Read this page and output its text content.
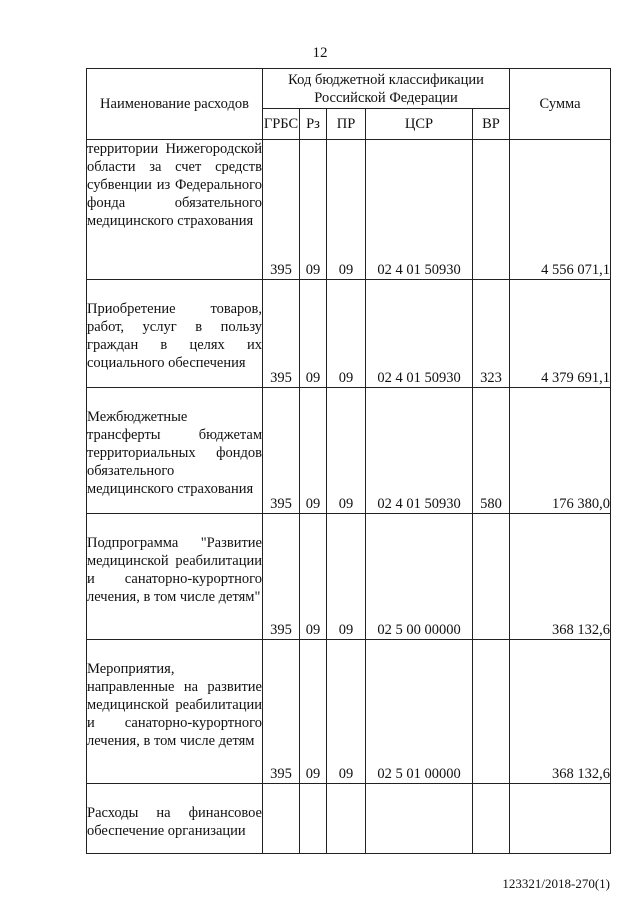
12
Наименование расходов	Код бюджетной классификации Российской Федерации					Сумма
	ГРБС	Рз	ПР	ЦСР	ВР	
территории Нижегородской области за счет средств субвенции из Федерального фонда обязательного медицинского страхования	395	09	09	02 4 01 50930		4 556 071,1
Приобретение товаров, работ, услуг в пользу граждан в целях их социального обеспечения	395	09	09	02 4 01 50930	323	4 379 691,1
Межбюджетные трансферты бюджетам территориальных фондов обязательного медицинского страхования	395	09	09	02 4 01 50930	580	176 380,0
Подпрограмма "Развитие медицинской реабилитации и санаторно-курортного лечения, в том числе детям"	395	09	09	02 5 00 00000		368 132,6
Мероприятия, направленные на развитие медицинской реабилитации и санаторно-курортного лечения, в том числе детям	395	09	09	02 5 01 00000		368 132,6
Расходы на финансовое обеспечение организации						
123321/2018-270(1)
